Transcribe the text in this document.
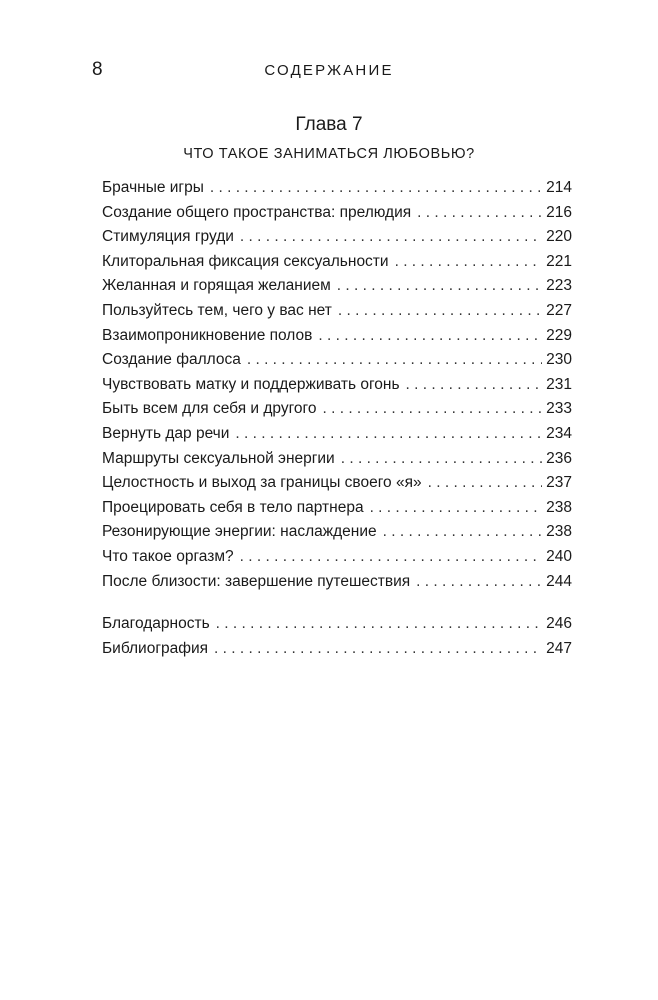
8	СОДЕРЖАНИЕ
Глава 7
ЧТО ТАКОЕ ЗАНИМАТЬСЯ ЛЮБОВЬЮ?
Брачные игры . . .	214
Создание общего пространства: прелюдия . . .	216
Стимуляция груди . . .	220
Клиторальная фиксация сексуальности . . .	221
Желанная и горящая желанием . . .	223
Пользуйтесь тем, чего у вас нет . . .	227
Взаимопроникновение полов . . .	229
Создание фаллоса . . .	230
Чувствовать матку и поддерживать огонь . . .	231
Быть всем для себя и другого . . .	233
Вернуть дар речи . . .	234
Маршруты сексуальной энергии . . .	236
Целостность и выход за границы своего «я» . . .	237
Проецировать себя в тело партнера . . .	238
Резонирующие энергии: наслаждение . . .	238
Что такое оргазм? . . .	240
После близости: завершение путешествия . . .	244
Благодарность . . .	246
Библиография . . .	247
